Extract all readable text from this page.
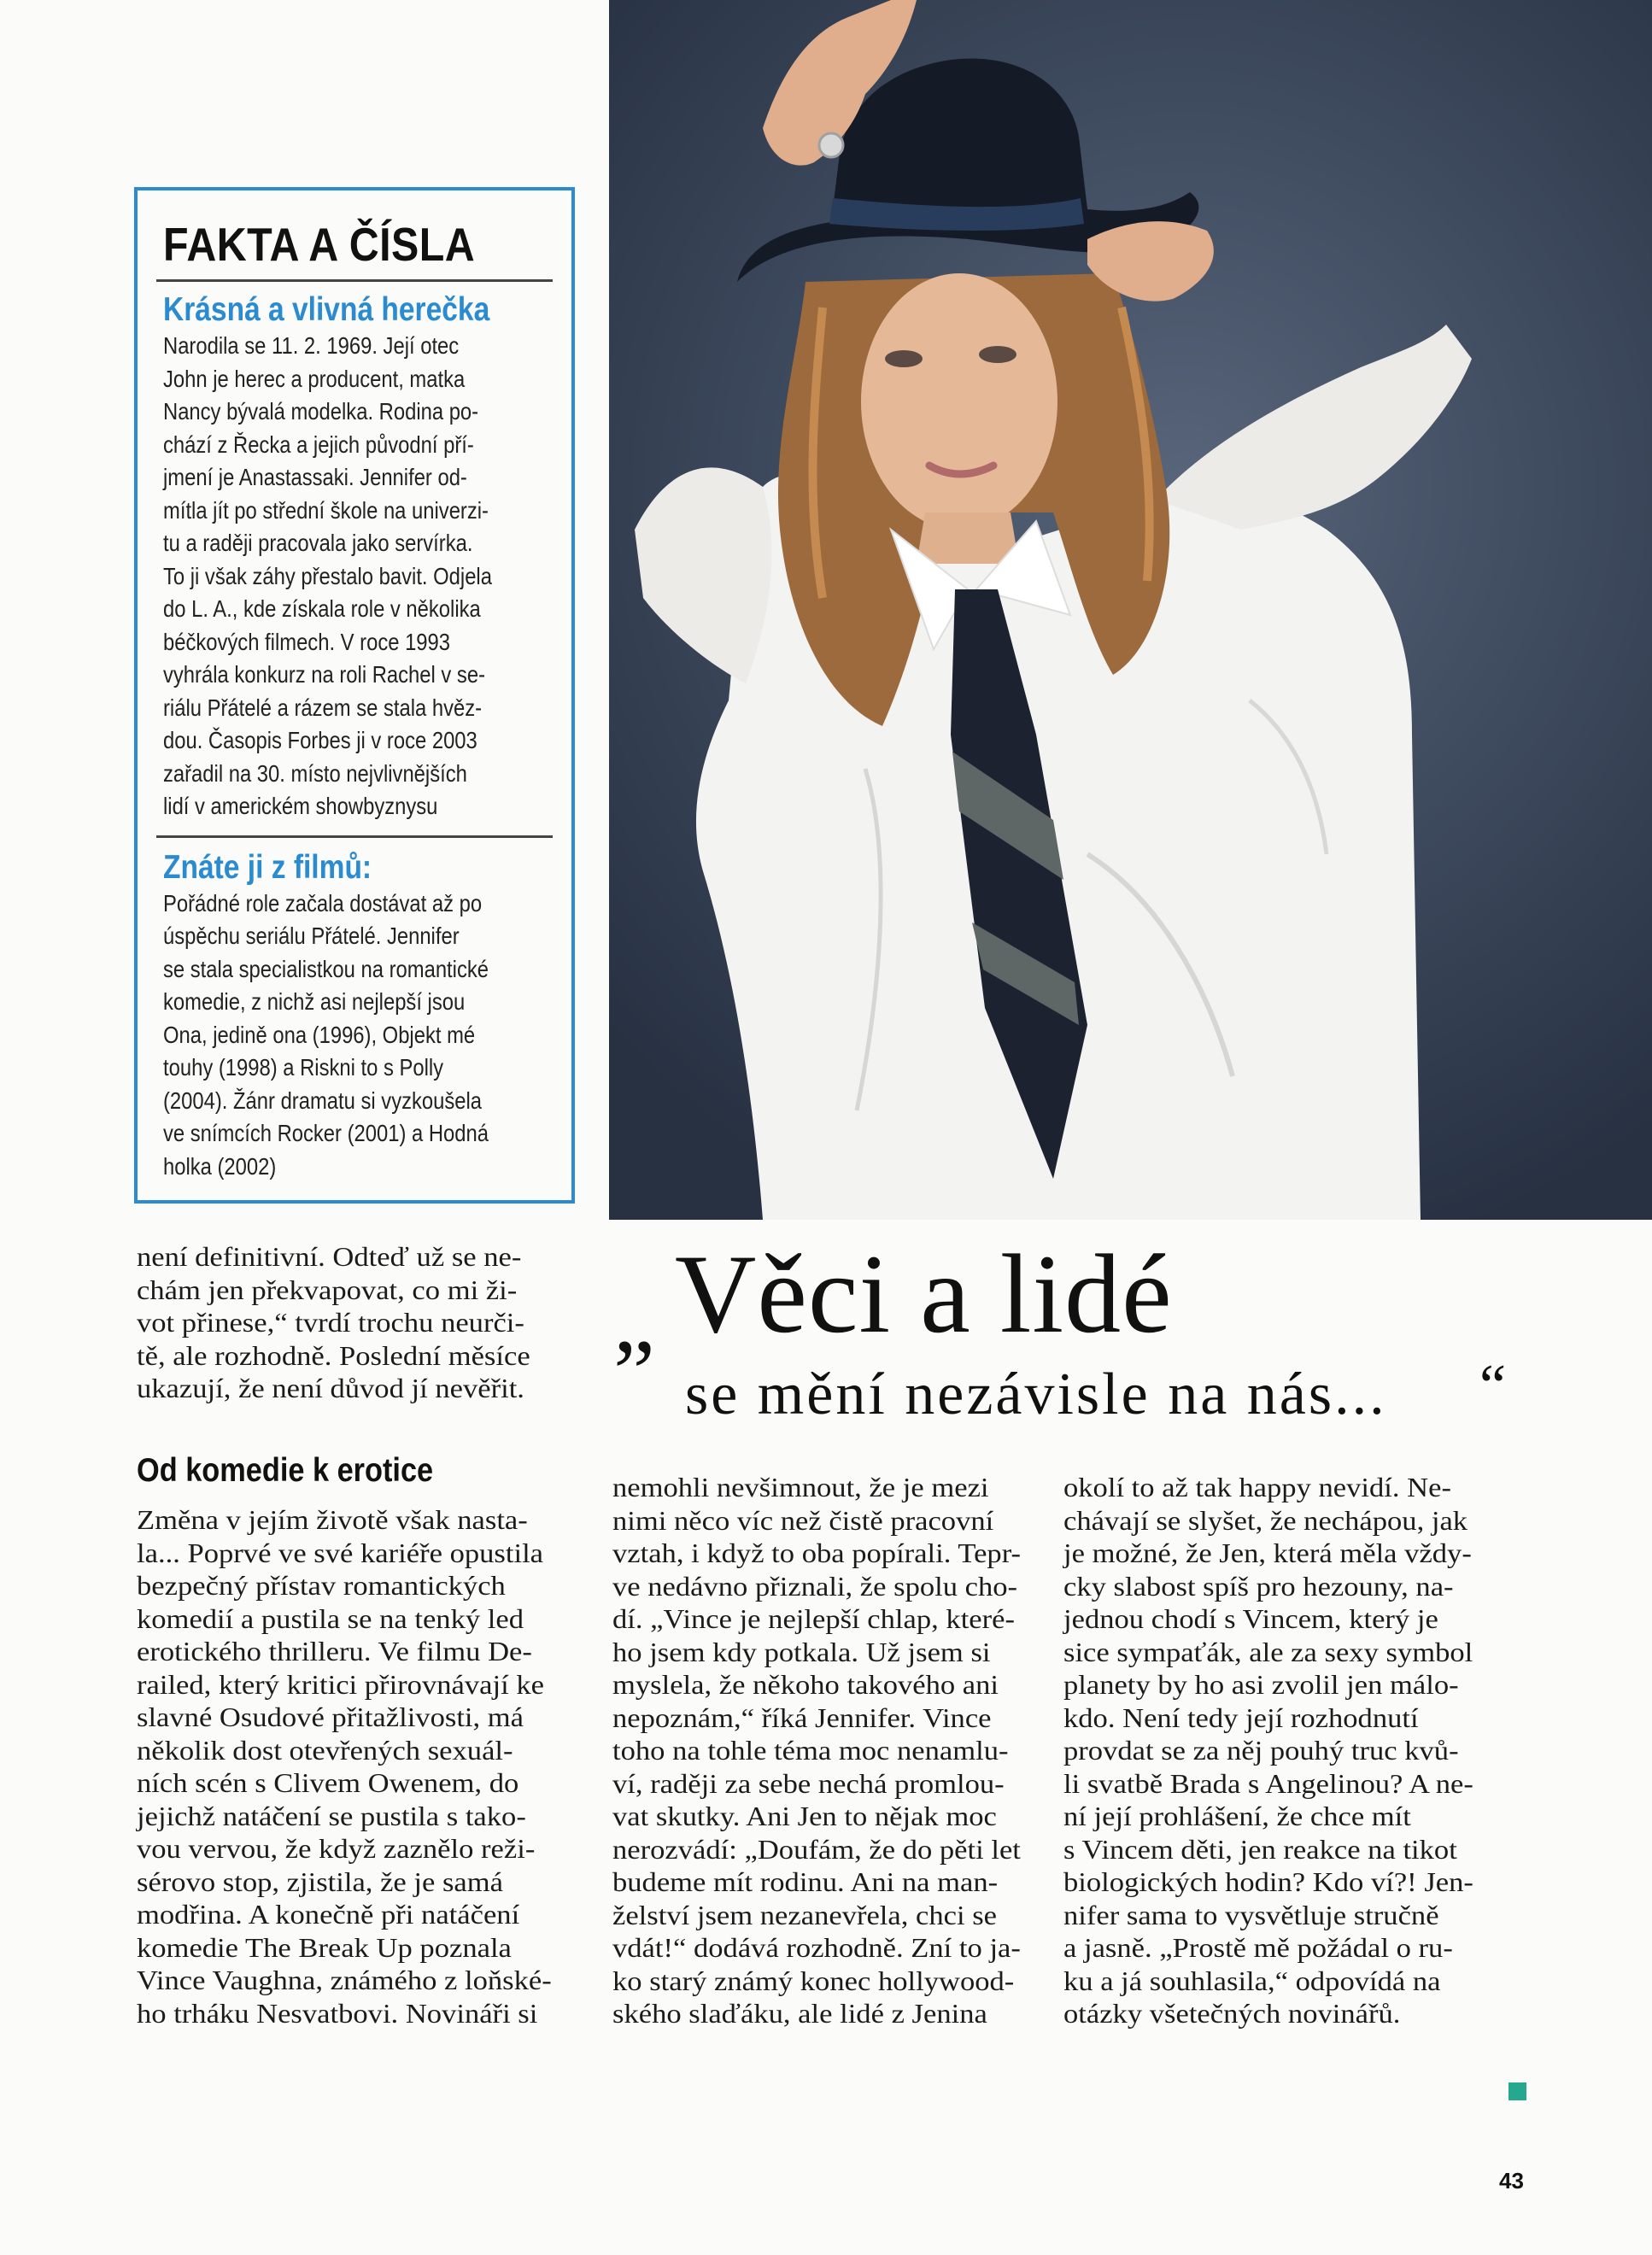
FAKTA A ČÍSLA
Krásná a vlivná herečka
Narodila se 11. 2. 1969. Její otec
John je herec a producent, matka
Nancy bývalá modelka. Rodina po-
chází z Řecka a jejich původní pří-
jmení je Anastassaki. Jennifer od-
mítla jít po střední škole na univerzi-
tu a raději pracovala jako servírka.
To ji však záhy přestalo bavit. Odjela
do L. A., kde získala role v několika
béčkových filmech. V roce 1993
vyhrála konkurz na roli Rachel v se-
riálu Přátelé a rázem se stala hvěz-
dou. Časopis Forbes ji v roce 2003
zařadil na 30. místo nejvlivnějších
lidí v americkém showbyznysu
Znáte ji z filmů:
Pořádné role začala dostávat až po
úspěchu seriálu Přátelé. Jennifer
se stala specialistkou na romantické
komedie, z nichž asi nejlepší jsou
Ona, jedině ona (1996), Objekt mé
touhy (1998) a Riskni to s Polly
(2004). Žánr dramatu si vyzkoušela
ve snímcích Rocker (2001) a Hodná
holka (2002)
není definitivní. Odteď už se ne-
chám jen překvapovat, co mi ži-
vot přinese,“ tvrdí trochu neurči-
tě, ale rozhodně. Poslední měsíce
ukazují, že není důvod jí nevěřit.
„ Věci a lidé
se mění nezávisle na nás... “
Od komedie k erotice
Změna v jejím životě však nasta-
la... Poprvé ve své kariéře opustila
bezpečný přístav romantických
komedií a pustila se na tenký led
erotického thrilleru. Ve filmu De-
railed, který kritici přirovnávají ke
slavné Osudové přitažlivosti, má
několik dost otevřených sexuál-
ních scén s Clivem Owenem, do
jejichž natáčení se pustila s tako-
vou vervou, že když zaznělo reži-
sérovo stop, zjistila, že je samá
modřina. A konečně při natáčení
komedie The Break Up poznala
Vince Vaughna, známého z loňské-
ho trháku Nesvatbovi. Novináři si
nemohli nevšimnout, že je mezi
nimi něco víc než čistě pracovní
vztah, i když to oba popírali. Tepr-
ve nedávno přiznali, že spolu cho-
dí. „Vince je nejlepší chlap, které-
ho jsem kdy potkala. Už jsem si
myslela, že někoho takového ani
nepoznám,“ říká Jennifer. Vince
toho na tohle téma moc nenamlu-
ví, raději za sebe nechá promlou-
vat skutky. Ani Jen to nějak moc
nerozvádí: „Doufám, že do pěti let
budeme mít rodinu. Ani na man-
želství jsem nezanevřela, chci se
vdát!“ dodává rozhodně. Zní to ja-
ko starý známý konec hollywood-
ského slaďáku, ale lidé z Jenina
okolí to až tak happy nevidí. Ne-
chávají se slyšet, že nechápou, jak
je možné, že Jen, která měla vždy-
cky slabost spíš pro hezouny, na-
jednou chodí s Vincem, který je
sice sympaťák, ale za sexy symbol
planety by ho asi zvolil jen málo-
kdo. Není tedy její rozhodnutí
provdat se za něj pouhý truc kvů-
li svatbě Brada s Angelinou? A ne-
ní její prohlášení, že chce mít
s Vincem děti, jen reakce na tikot
biologických hodin? Kdo ví?! Jen-
nifer sama to vysvětluje stručně
a jasně. „Prostě mě požádal o ru-
ku a já souhlasila,“ odpovídá na
otázky všetečných novinářů.
43
